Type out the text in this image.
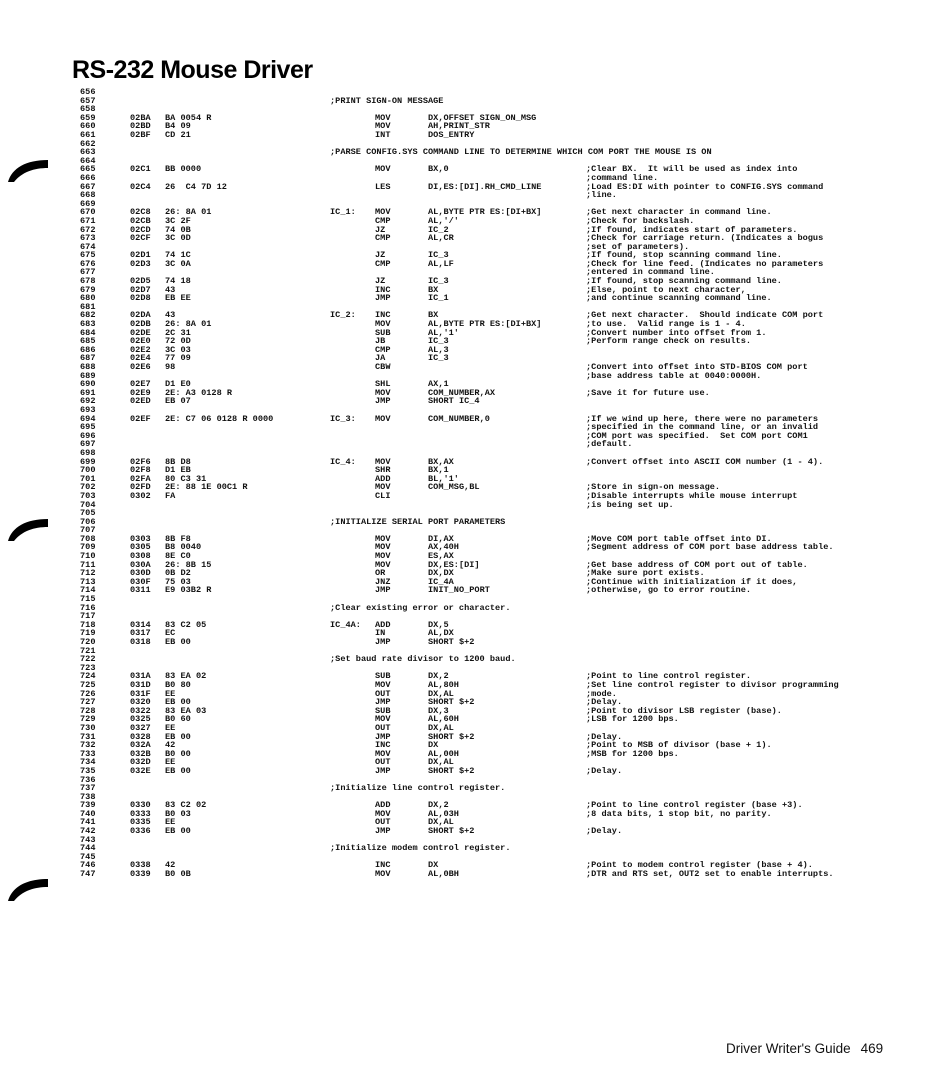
RS-232 Mouse Driver
656
657	;PRINT SIGN-ON MESSAGE
658
659	02BA BA 0054 R	MOV	DX,OFFSET SIGN_ON_MSG
660	02BD B4 09	MOV	AH,PRINT_STR
661	02BF CD 21	INT	DOS_ENTRY
662
663	;PARSE CONFIG.SYS COMMAND LINE TO DETERMINE WHICH COM PORT THE MOUSE IS ON
664
665	02C1 BB 0000	MOV	BX,0	;Clear BX.  It will be used as index into
666	;command line.
667	02C4 26  C4 7D 12	LES	DI,ES:[DI].RH_CMD_LINE	;Load ES:DI with pointer to CONFIG.SYS command
668	;line.
669
670	02C8 26: 8A 01	IC_1: MOV	AL,BYTE PTR ES:[DI+BX]	;Get next character in command line.
671	02CB 3C 2F	CMP	AL,'/'	;Check for backslash.
672	02CD 74 0B	JZ	IC_2	;If found, indicates start of parameters.
673	02CF 3C 0D	CMP	AL,CR	;Check for carriage return. (Indicates a bogus
674	;set of parameters).
675	02D1 74 1C	JZ	IC_3	;If found, stop scanning command line.
676	02D3 3C 0A	CMP	AL,LF	;Check for line feed. (Indicates no parameters
677	;entered in command line.
678	02D5 74 18	JZ	IC_3	;If found, stop scanning command line.
679	02D7 43	INC	BX	;Else, point to next character,
680	02D8 EB EE	JMP	IC_1	;and continue scanning command line.
681
682	02DA 43	IC_2: INC	BX	;Get next character.  Should indicate COM port
683	02DB 26: 8A 01	MOV	AL,BYTE PTR ES:[DI+BX]	;to use.  Valid range is 1 - 4.
684	02DE 2C 31	SUB	AL,'1'	;Convert number into offset from 1.
685	02E0 72 0D	JB	IC_3	;Perform range check on results.
686	02E2 3C 03	CMP	AL,3
687	02E4 77 09	JA	IC_3
688	02E6 98	CBW	;Convert into offset into STD-BIOS COM port
689	;base address table at 0040:0000H.
690	02E7 D1 E0	SHL	AX,1
691	02E9 2E: A3 0128 R	MOV	COM_NUMBER,AX	;Save it for future use.
692	02ED EB 07	JMP	SHORT IC_4
693
694	02EF 2E: C7 06 0128 R 0000	IC_3: MOV	COM_NUMBER,0	;If we wind up here, there were no parameters
695	;specified in the command line, or an invalid
696	;COM port was specified.  Set COM port COM1
697	;default.
698
699	02F6 8B D8	IC_4: MOV	BX,AX	;Convert offset into ASCII COM number (1 - 4).
700	02F8 D1 EB	SHR	BX,1
701	02FA 80 C3 31	ADD	BL,'1'
702	02FD 2E: 88 1E 00C1 R	MOV	COM_MSG,BL	;Store in sign-on message.
703	0302 FA	CLI	;Disable interrupts while mouse interrupt
704	;is being set up.
705
706	;INITIALIZE SERIAL PORT PARAMETERS
707
708	0303 8B F8	MOV	DI,AX	;Move COM port table offset into DI.
709	0305 B8 0040	MOV	AX,40H	;Segment address of COM port base address table.
710	0308 8E C0	MOV	ES,AX
711	030A 26: 8B 15	MOV	DX,ES:[DI]	;Get base address of COM port out of table.
712	030D 0B D2	OR	DX,DX	;Make sure port exists.
713	030F 75 03	JNZ	IC_4A	;Continue with initialization if it does,
714	0311 E9 03B2 R	JMP	INIT_NO_PORT	;otherwise, go to error routine.
715
716	;Clear existing error or character.
717
718	0314 83 C2 05	IC_4A: ADD	DX,5
719	0317 EC	IN	AL,DX
720	0318 EB 00	JMP	SHORT $+2
721
722	;Set baud rate divisor to 1200 baud.
723
724	031A 83 EA 02	SUB	DX,2	;Point to line control register.
725	031D B0 80	MOV	AL,80H	;Set line control register to divisor programming
726	031F EE	OUT	DX,AL	;mode.
727	0320 EB 00	JMP	SHORT $+2	;Delay.
728	0322 83 EA 03	SUB	DX,3	;Point to divisor LSB register (base).
729	0325 B0 60	MOV	AL,60H	;LSB for 1200 bps.
730	0327 EE	OUT	DX,AL
731	0328 EB 00	JMP	SHORT $+2	;Delay.
732	032A 42	INC	DX	;Point to MSB of divisor (base + 1).
733	032B B0 00	MOV	AL,00H	;MSB for 1200 bps.
734	032D EE	OUT	DX,AL
735	032E EB 00	JMP	SHORT $+2	;Delay.
736
737	;Initialize line control register.
738
739	0330 83 C2 02	ADD	DX,2	;Point to line control register (base +3).
740	0333 B0 03	MOV	AL,03H	;8 data bits, 1 stop bit, no parity.
741	0335 EE	OUT	DX,AL
742	0336 EB 00	JMP	SHORT $+2	;Delay.
743
744	;Initialize modem control register.
745
746	0338 42	INC	DX	;Point to modem control register (base + 4).
747	0339 B0 0B	MOV	AL,0BH	;DTR and RTS set, OUT2 set to enable interrupts.
Driver Writer's Guide 469
